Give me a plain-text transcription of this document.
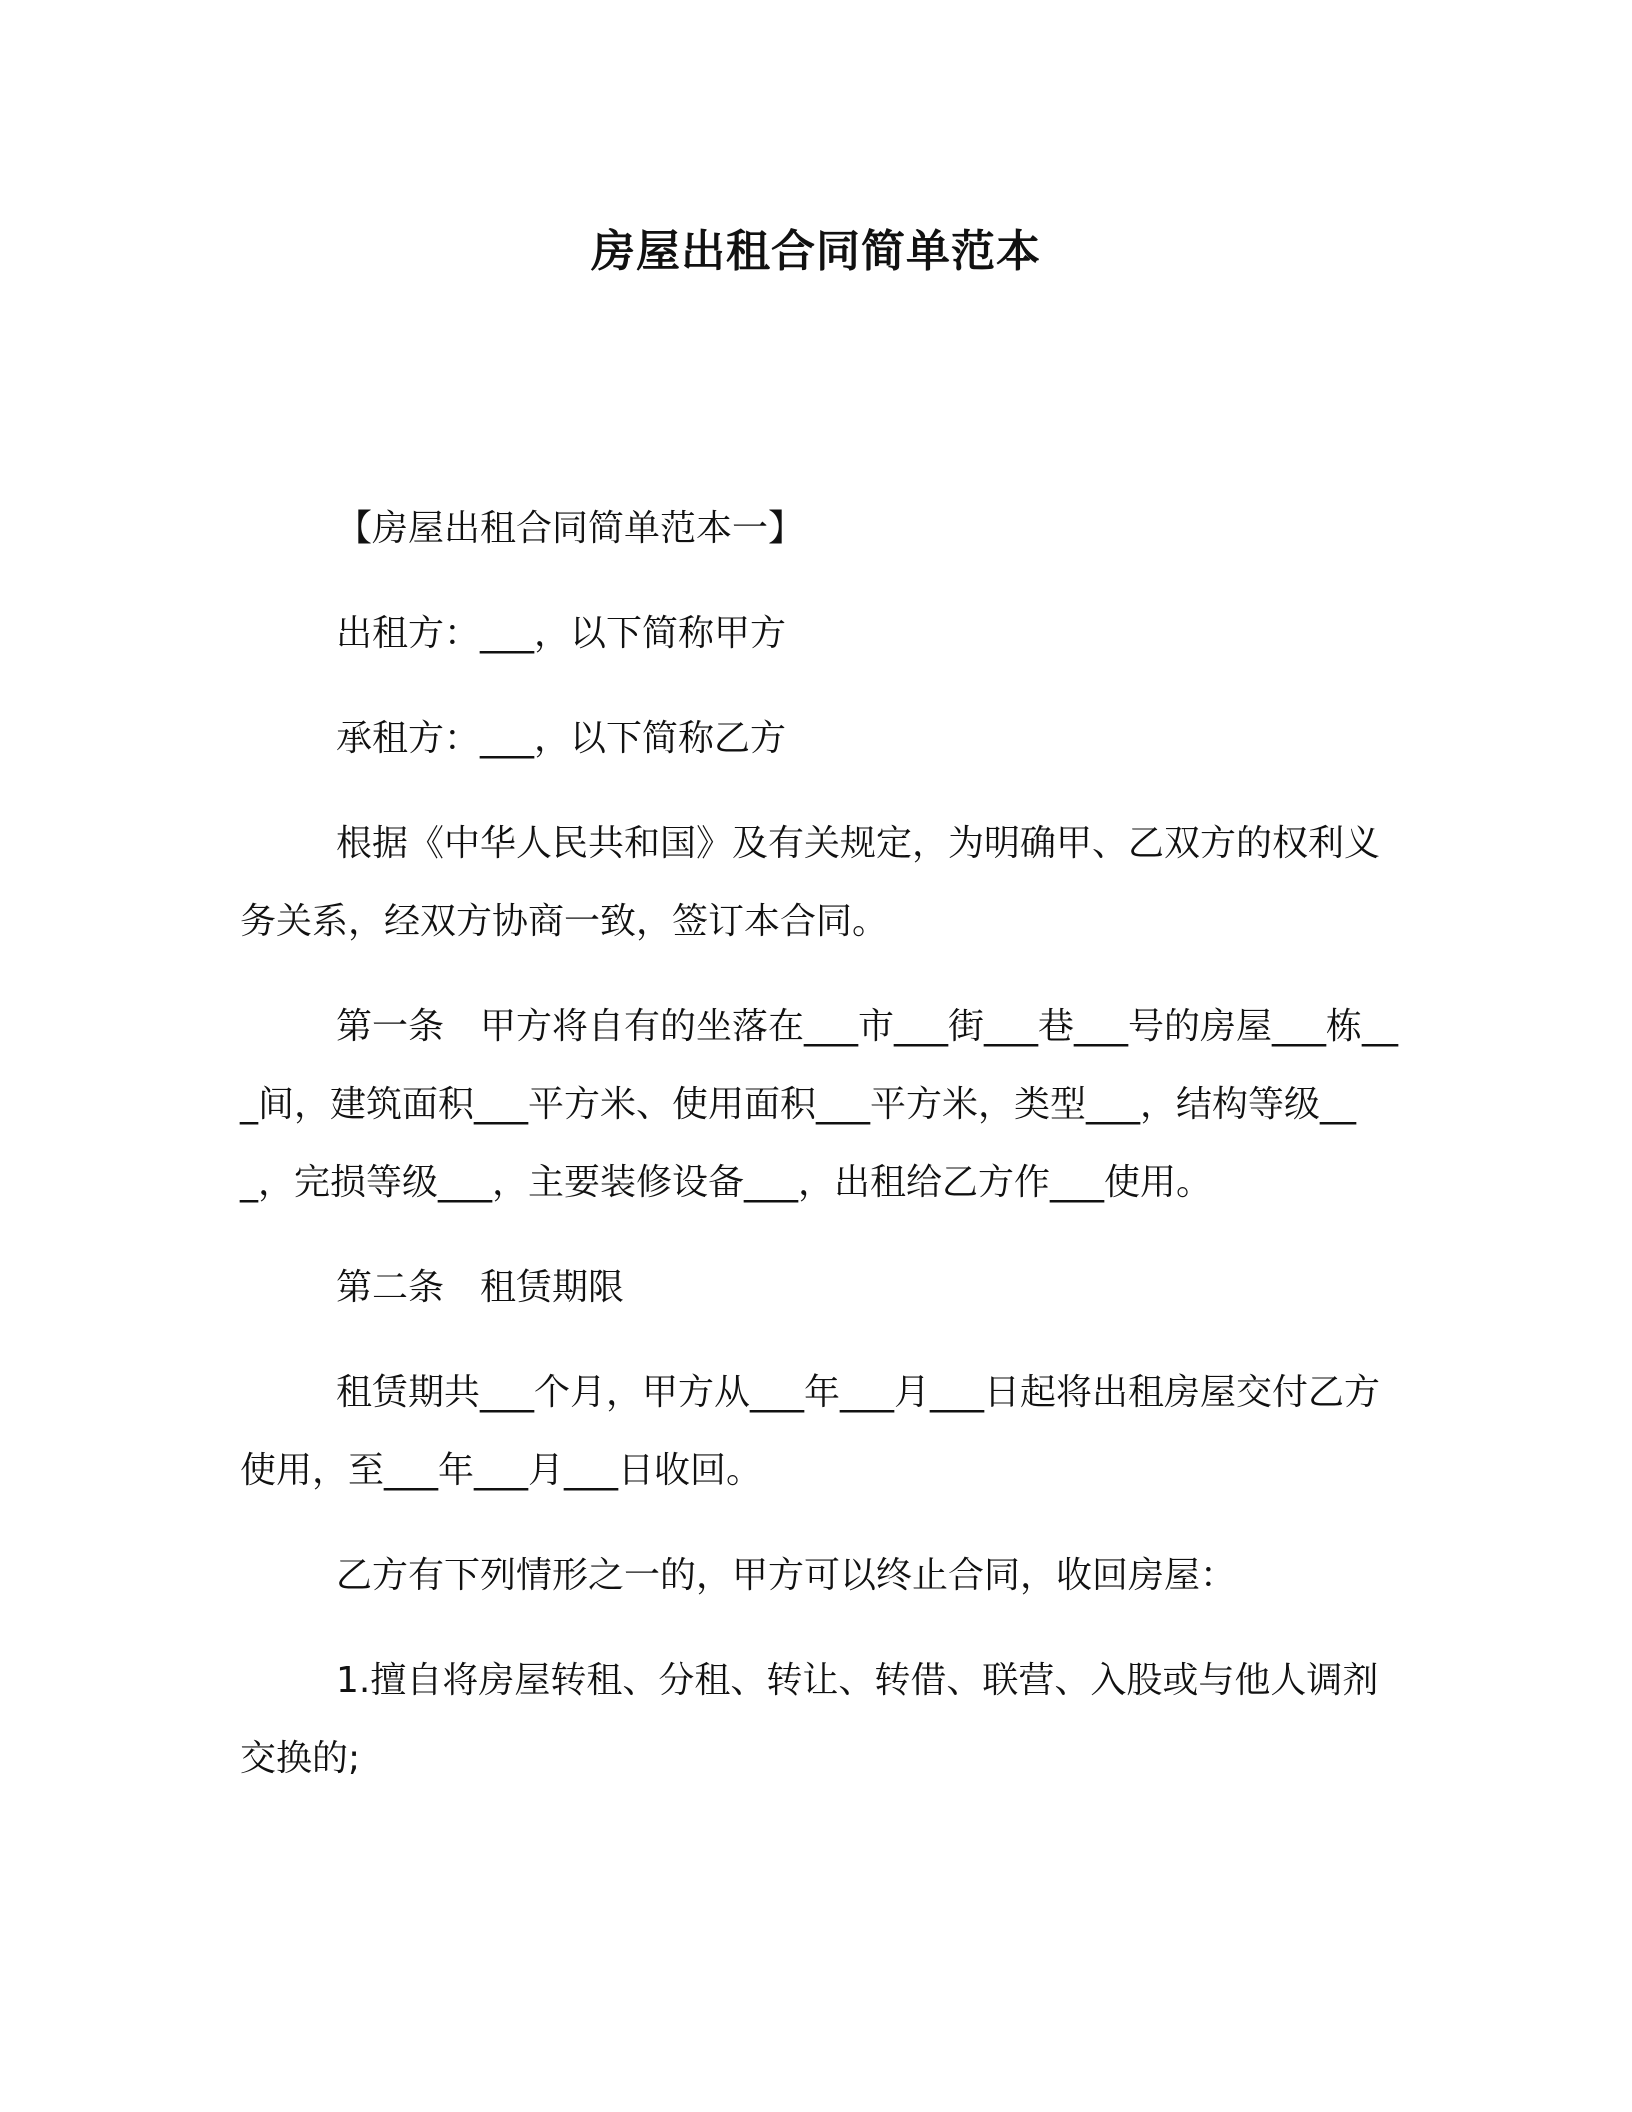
房屋出租合同简单范本

【房屋出租合同简单范本一】

出租方：___，以下简称甲方

承租方：___，以下简称乙方

根据《中华人民共和国》及有关规定，为明确甲、乙双方的权利义务关系，经双方协商一致，签订本合同。

第一条　甲方将自有的坐落在___市___街___巷___号的房屋___栋___间，建筑面积___平方米、使用面积___平方米，类型___，结构等级___，完损等级___，主要装修设备___，出租给乙方作___使用。

第二条　租赁期限

租赁期共___个月，甲方从___年___月___日起将出租房屋交付乙方使用，至___年___月___日收回。

乙方有下列情形之一的，甲方可以终止合同，收回房屋：

1.擅自将房屋转租、分租、转让、转借、联营、入股或与他人调剂交换的;
